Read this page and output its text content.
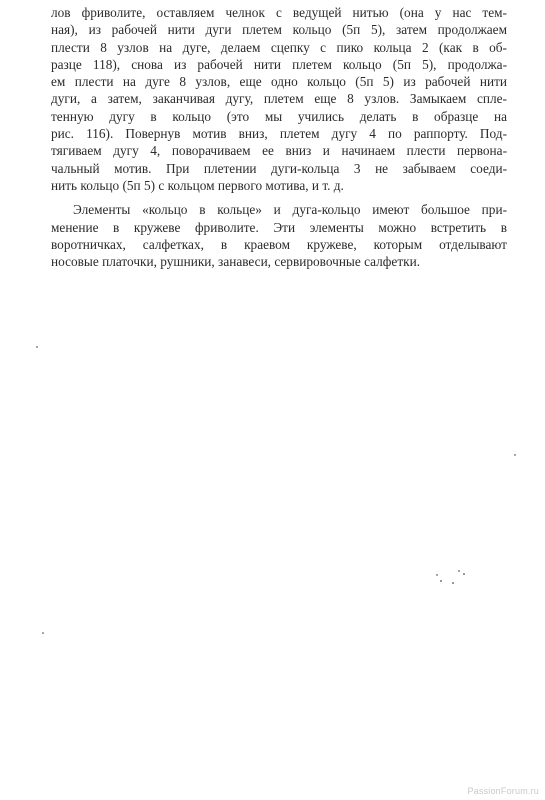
лов фриволите, оставляем челнок с ведущей нитью (она у нас тем-
ная), из рабочей нити дуги плетем кольцо (5п 5), затем продолжаем
плести 8 узлов на дуге, делаем сцепку с пико кольца 2 (как в об-
разце 118), снова из рабочей нити плетем кольцо (5п 5), продолжа-
ем плести на дуге 8 узлов, еще одно кольцо (5п 5) из рабочей нити
дуги, а затем, заканчивая дугу, плетем еще 8 узлов. Замыкаем спле-
тенную дугу в кольцо (это мы учились делать в образце на
рис. 116). Повернув мотив вниз, плетем дугу 4 по раппорту. Под-
тягиваем дугу 4, поворачиваем ее вниз и начинаем плести первона-
чальный мотив. При плетении дуги-кольца 3 не забываем соеди-
нить кольцо (5п 5) с кольцом первого мотива, и т. д.
Элементы «кольцо в кольце» и дуга-кольцо имеют большое при-
менение в кружеве фриволите. Эти элементы можно встретить в
воротничках, салфетках, в краевом кружеве, которым отделывают
носовые платочки, рушники, занавеси, сервировочные салфетки.
PassionForum.ru
